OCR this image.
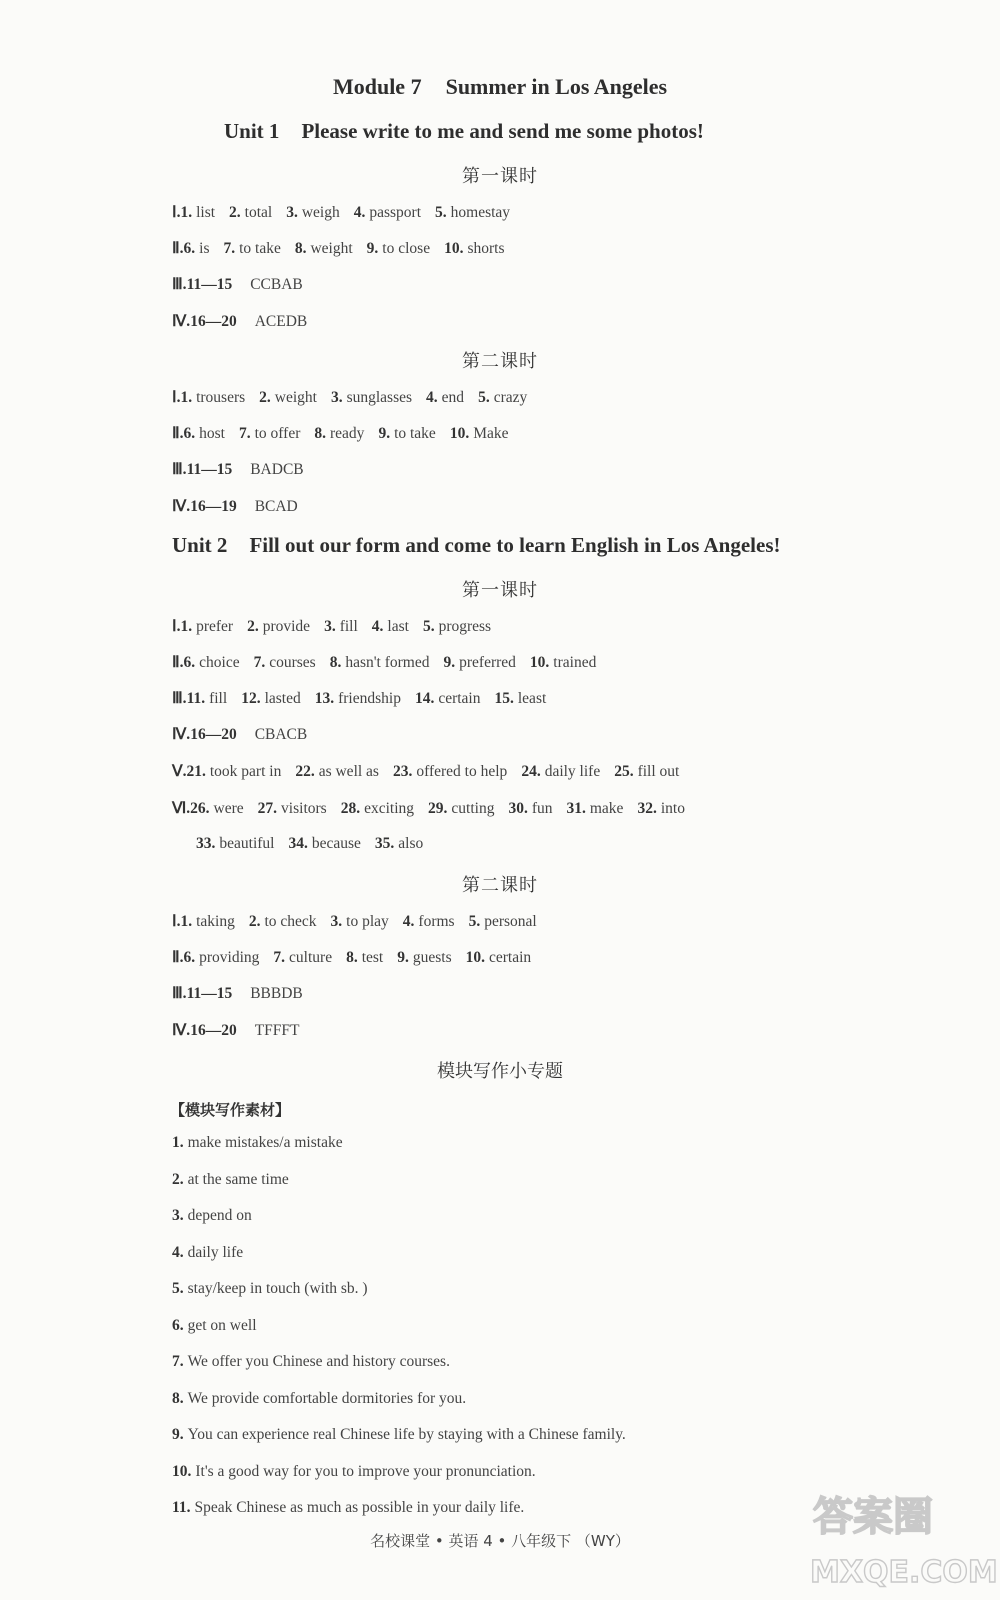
Module 7 Summer in Los Angeles
Unit 1 Please write to me and send me some photos!
第一课时
Ⅰ.1. list 2. total 3. weigh 4. passport 5. homestay
Ⅱ.6. is 7. to take 8. weight 9. to close 10. shorts
Ⅲ.11—15 CCBAB
Ⅳ.16—20 ACEDB
第二课时
Ⅰ.1. trousers 2. weight 3. sunglasses 4. end 5. crazy
Ⅱ.6. host 7. to offer 8. ready 9. to take 10. Make
Ⅲ.11—15 BADCB
Ⅳ.16—19 BCAD
Unit 2 Fill out our form and come to learn English in Los Angeles!
第一课时
Ⅰ.1. prefer 2. provide 3. fill 4. last 5. progress
Ⅱ.6. choice 7. courses 8. hasn't formed 9. preferred 10. trained
Ⅲ.11. fill 12. lasted 13. friendship 14. certain 15. least
Ⅳ.16—20 CBACB
Ⅴ.21. took part in 22. as well as 23. offered to help 24. daily life 25. fill out
Ⅵ.26. were 27. visitors 28. exciting 29. cutting 30. fun 31. make 32. into
33. beautiful 34. because 35. also
第二课时
Ⅰ.1. taking 2. to check 3. to play 4. forms 5. personal
Ⅱ.6. providing 7. culture 8. test 9. guests 10. certain
Ⅲ.11—15 BBBDB
Ⅳ.16—20 TFFFT
模块写作小专题
【模块写作素材】
1. make mistakes/a mistake
2. at the same time
3. depend on
4. daily life
5. stay/keep in touch (with sb. )
6. get on well
7. We offer you Chinese and history courses.
8. We provide comfortable dormitories for you.
9. You can experience real Chinese life by staying with a Chinese family.
10. It's a good way for you to improve your pronunciation.
11. Speak Chinese as much as possible in your daily life.
名校课堂 • 英语 4 • 八年级下 （WY）
答案圈
MXQE.COM
